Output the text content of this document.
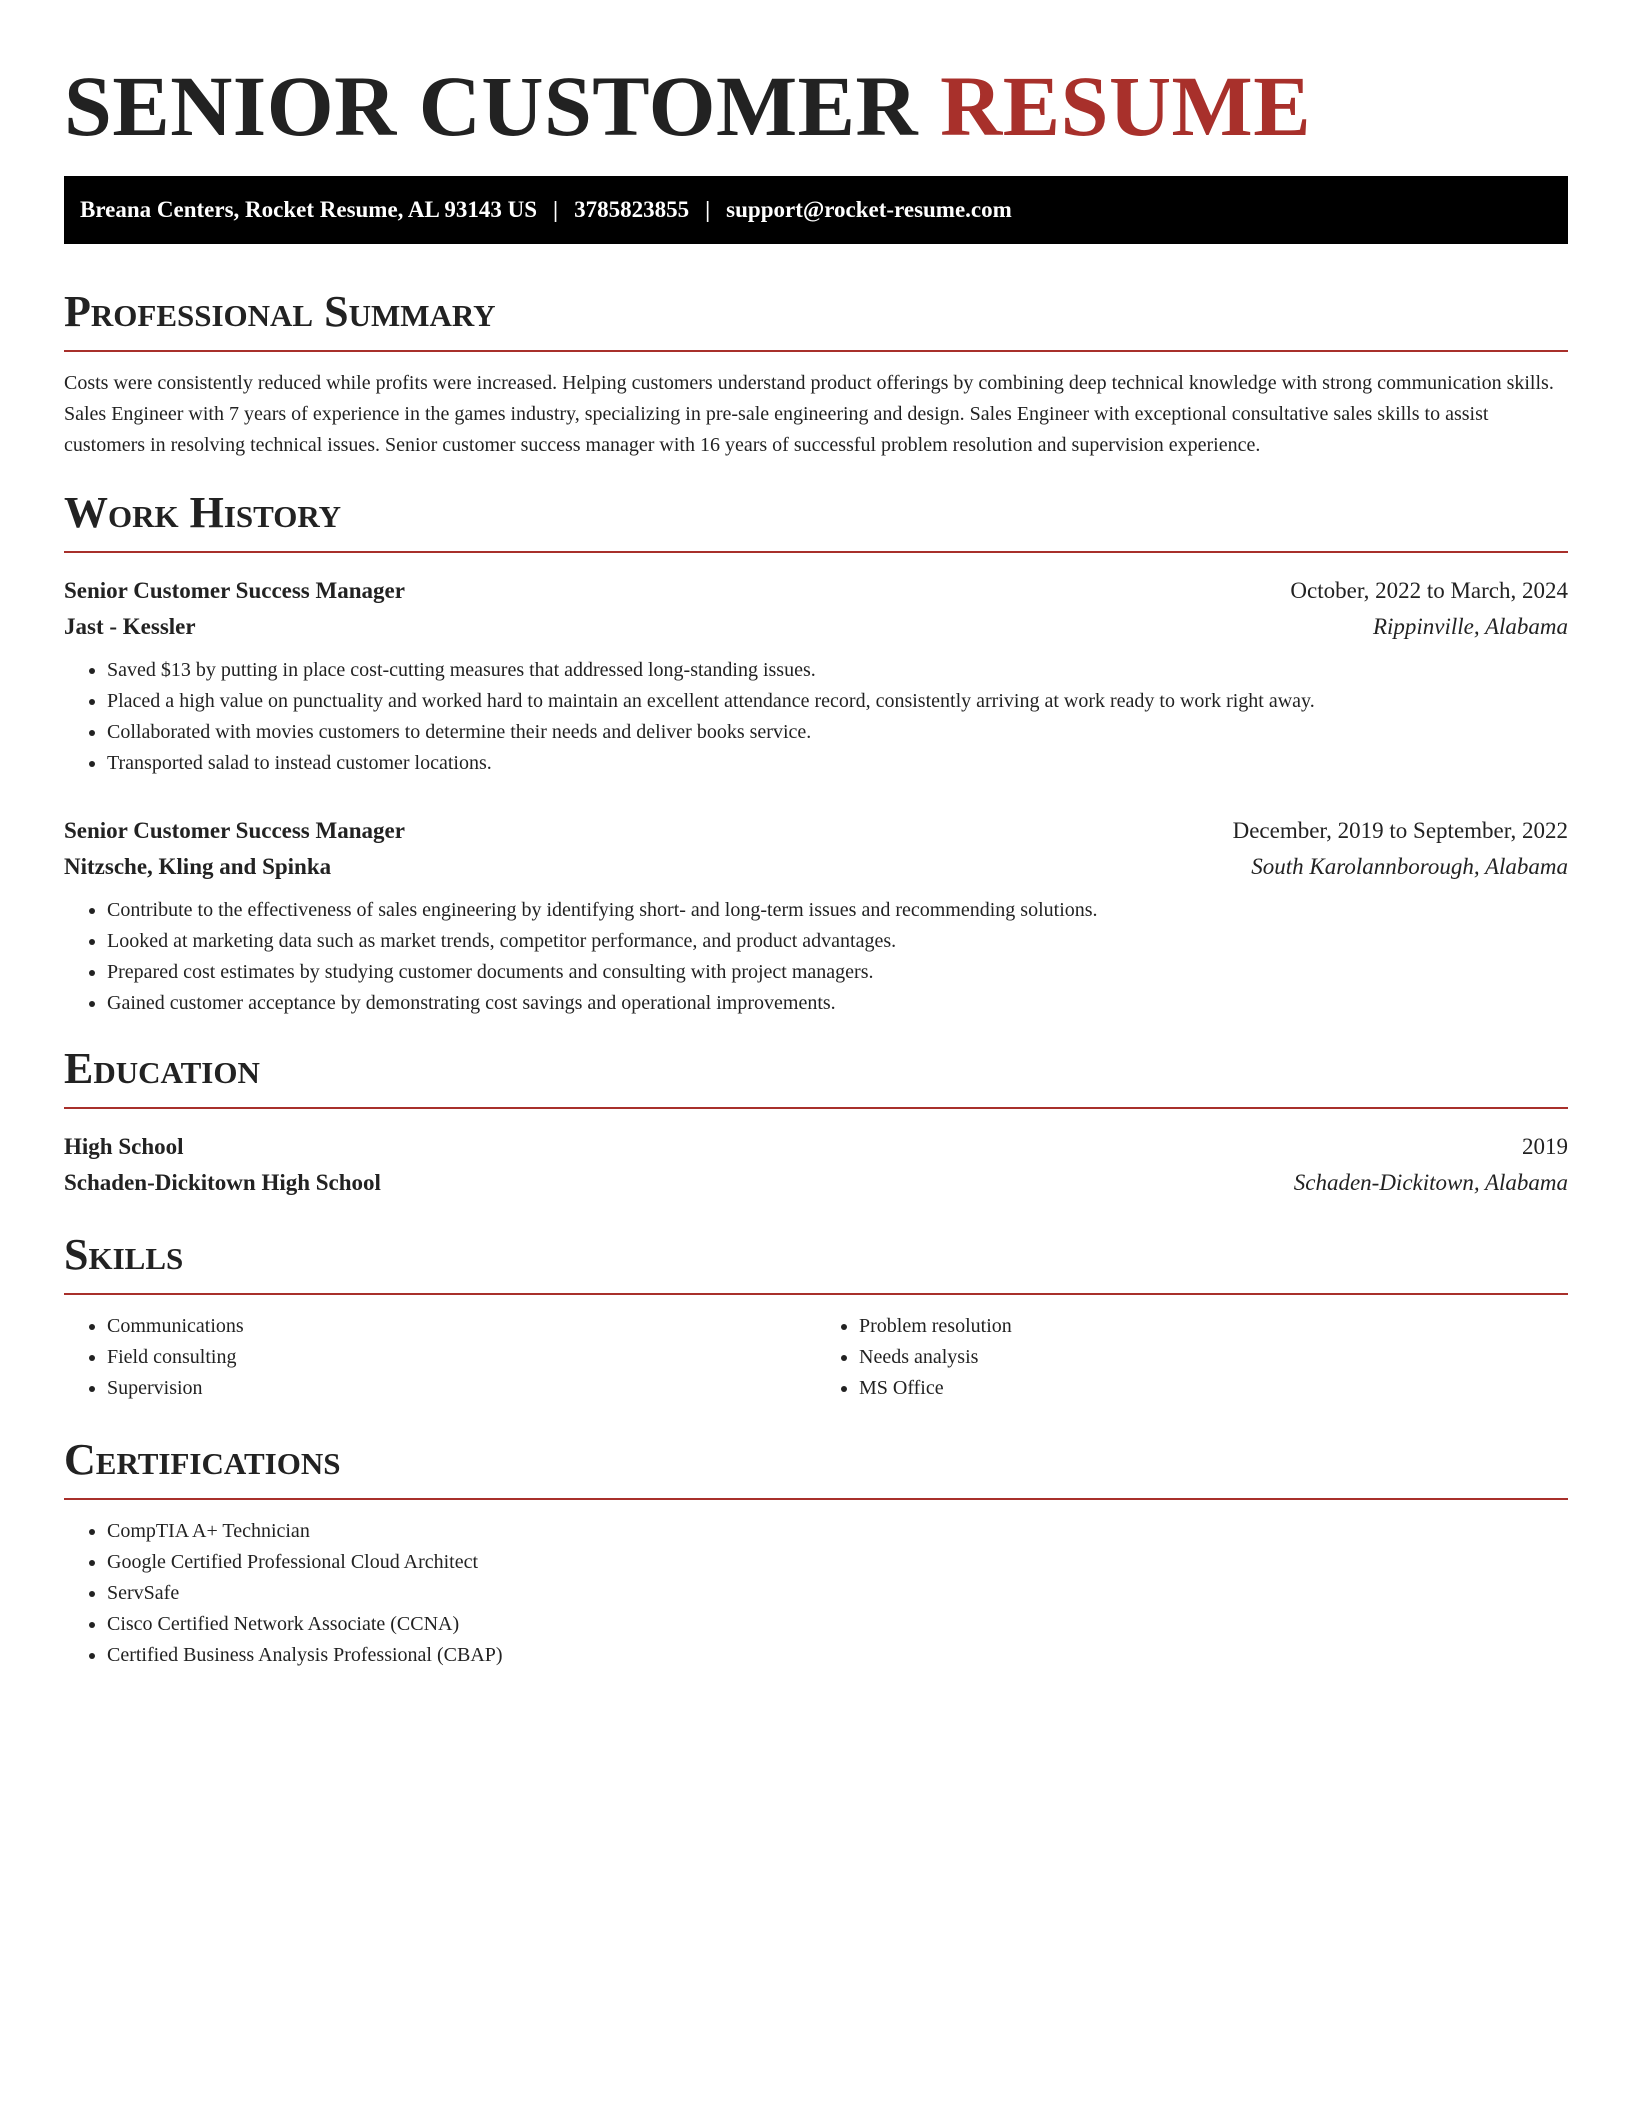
SENIOR CUSTOMER RESUME
Breana Centers, Rocket Resume, AL 93143 US | 3785823855 | support@rocket-resume.com
Professional Summary

Costs were consistently reduced while profits were increased. Helping customers understand product offerings by combining deep technical knowledge with strong communication skills. Sales Engineer with 7 years of experience in the games industry, specializing in pre-sale engineering and design. Sales Engineer with exceptional consultative sales skills to assist customers in resolving technical issues. Senior customer success manager with 16 years of successful problem resolution and supervision experience.

Work History
Senior Customer Success Manager	October, 2022 to March, 2024
Jast - Kessler	Rippinville, Alabama
• Saved $13 by putting in place cost-cutting measures that addressed long-standing issues.
• Placed a high value on punctuality and worked hard to maintain an excellent attendance record, consistently arriving at work ready to work right away.
• Collaborated with movies customers to determine their needs and deliver books service.
• Transported salad to instead customer locations.
Senior Customer Success Manager	December, 2019 to September, 2022
Nitzsche, Kling and Spinka	South Karolannborough, Alabama
• Contribute to the effectiveness of sales engineering by identifying short- and long-term issues and recommending solutions.
• Looked at marketing data such as market trends, competitor performance, and product advantages.
• Prepared cost estimates by studying customer documents and consulting with project managers.
• Gained customer acceptance by demonstrating cost savings and operational improvements.
Education
High School	2019
Schaden-Dickitown High School	Schaden-Dickitown, Alabama
Skills
• Communications
• Field consulting
• Supervision
• Problem resolution
• Needs analysis
• MS Office
Certifications
• CompTIA A+ Technician
• Google Certified Professional Cloud Architect
• ServSafe
• Cisco Certified Network Associate (CCNA)
• Certified Business Analysis Professional (CBAP)
